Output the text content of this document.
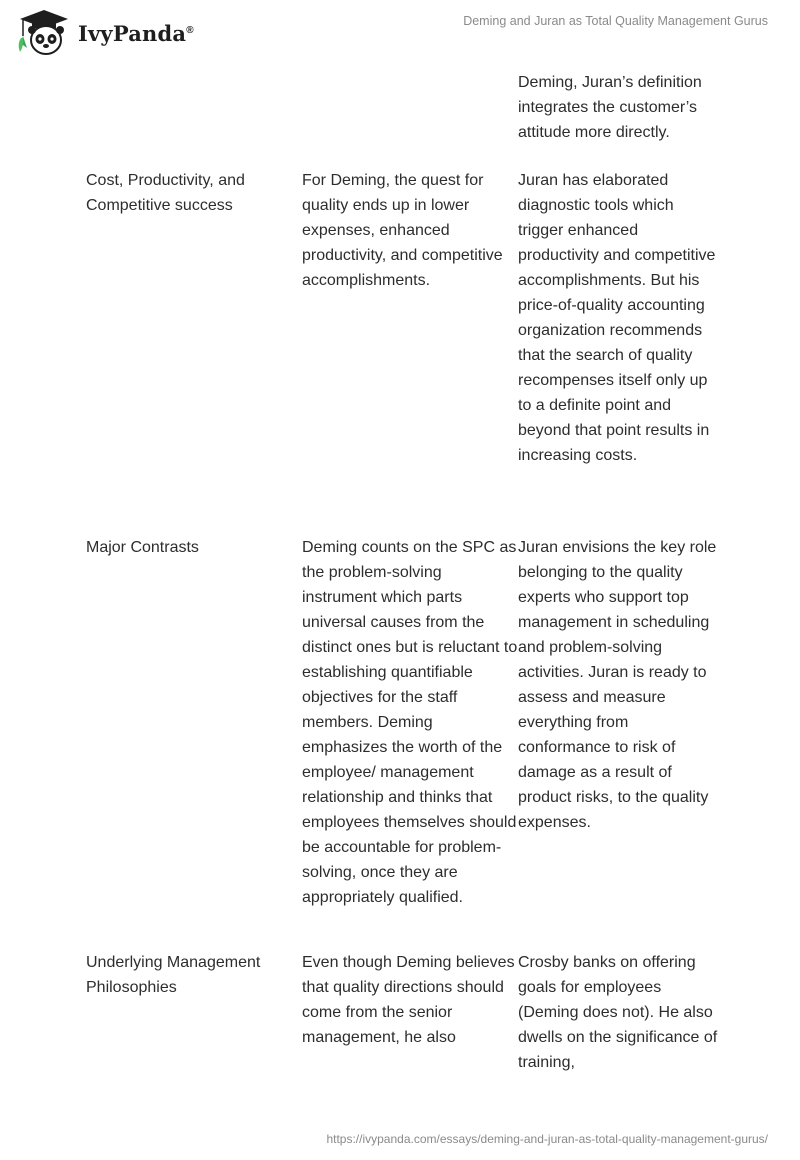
IvyPanda®
Deming and Juran as Total Quality Management Gurus
Deming, Juran’s definition integrates the customer’s attitude more directly.
Cost, Productivity, and Competitive success
For Deming, the quest for quality ends up in lower expenses, enhanced productivity, and competitive accomplishments.
Juran has elaborated diagnostic tools which trigger enhanced productivity and competitive accomplishments. But his price-of-quality accounting organization recommends that the search of quality recompenses itself only up to a definite point and beyond that point results in increasing costs.
Major Contrasts	Deming counts on the SPC as the problem-solving instrument which parts universal causes from the distinct ones but is reluctant to establishing quantifiable objectives for the staff members. Deming emphasizes the worth of the employee/ management relationship and thinks that employees themselves should be accountable for problem-solving, once they are appropriately qualified.
Juran envisions the key role belonging to the quality experts who support top management in scheduling and problem-solving activities. Juran is ready to assess and measure everything from conformance to risk of damage as a result of product risks, to the quality expenses.
Underlying Management Philosophies
Even though Deming believes that quality directions should come from the senior management, he also
Crosby banks on offering goals for employees (Deming does not). He also dwells on the significance of training,
https://ivypanda.com/essays/deming-and-juran-as-total-quality-management-gurus/
